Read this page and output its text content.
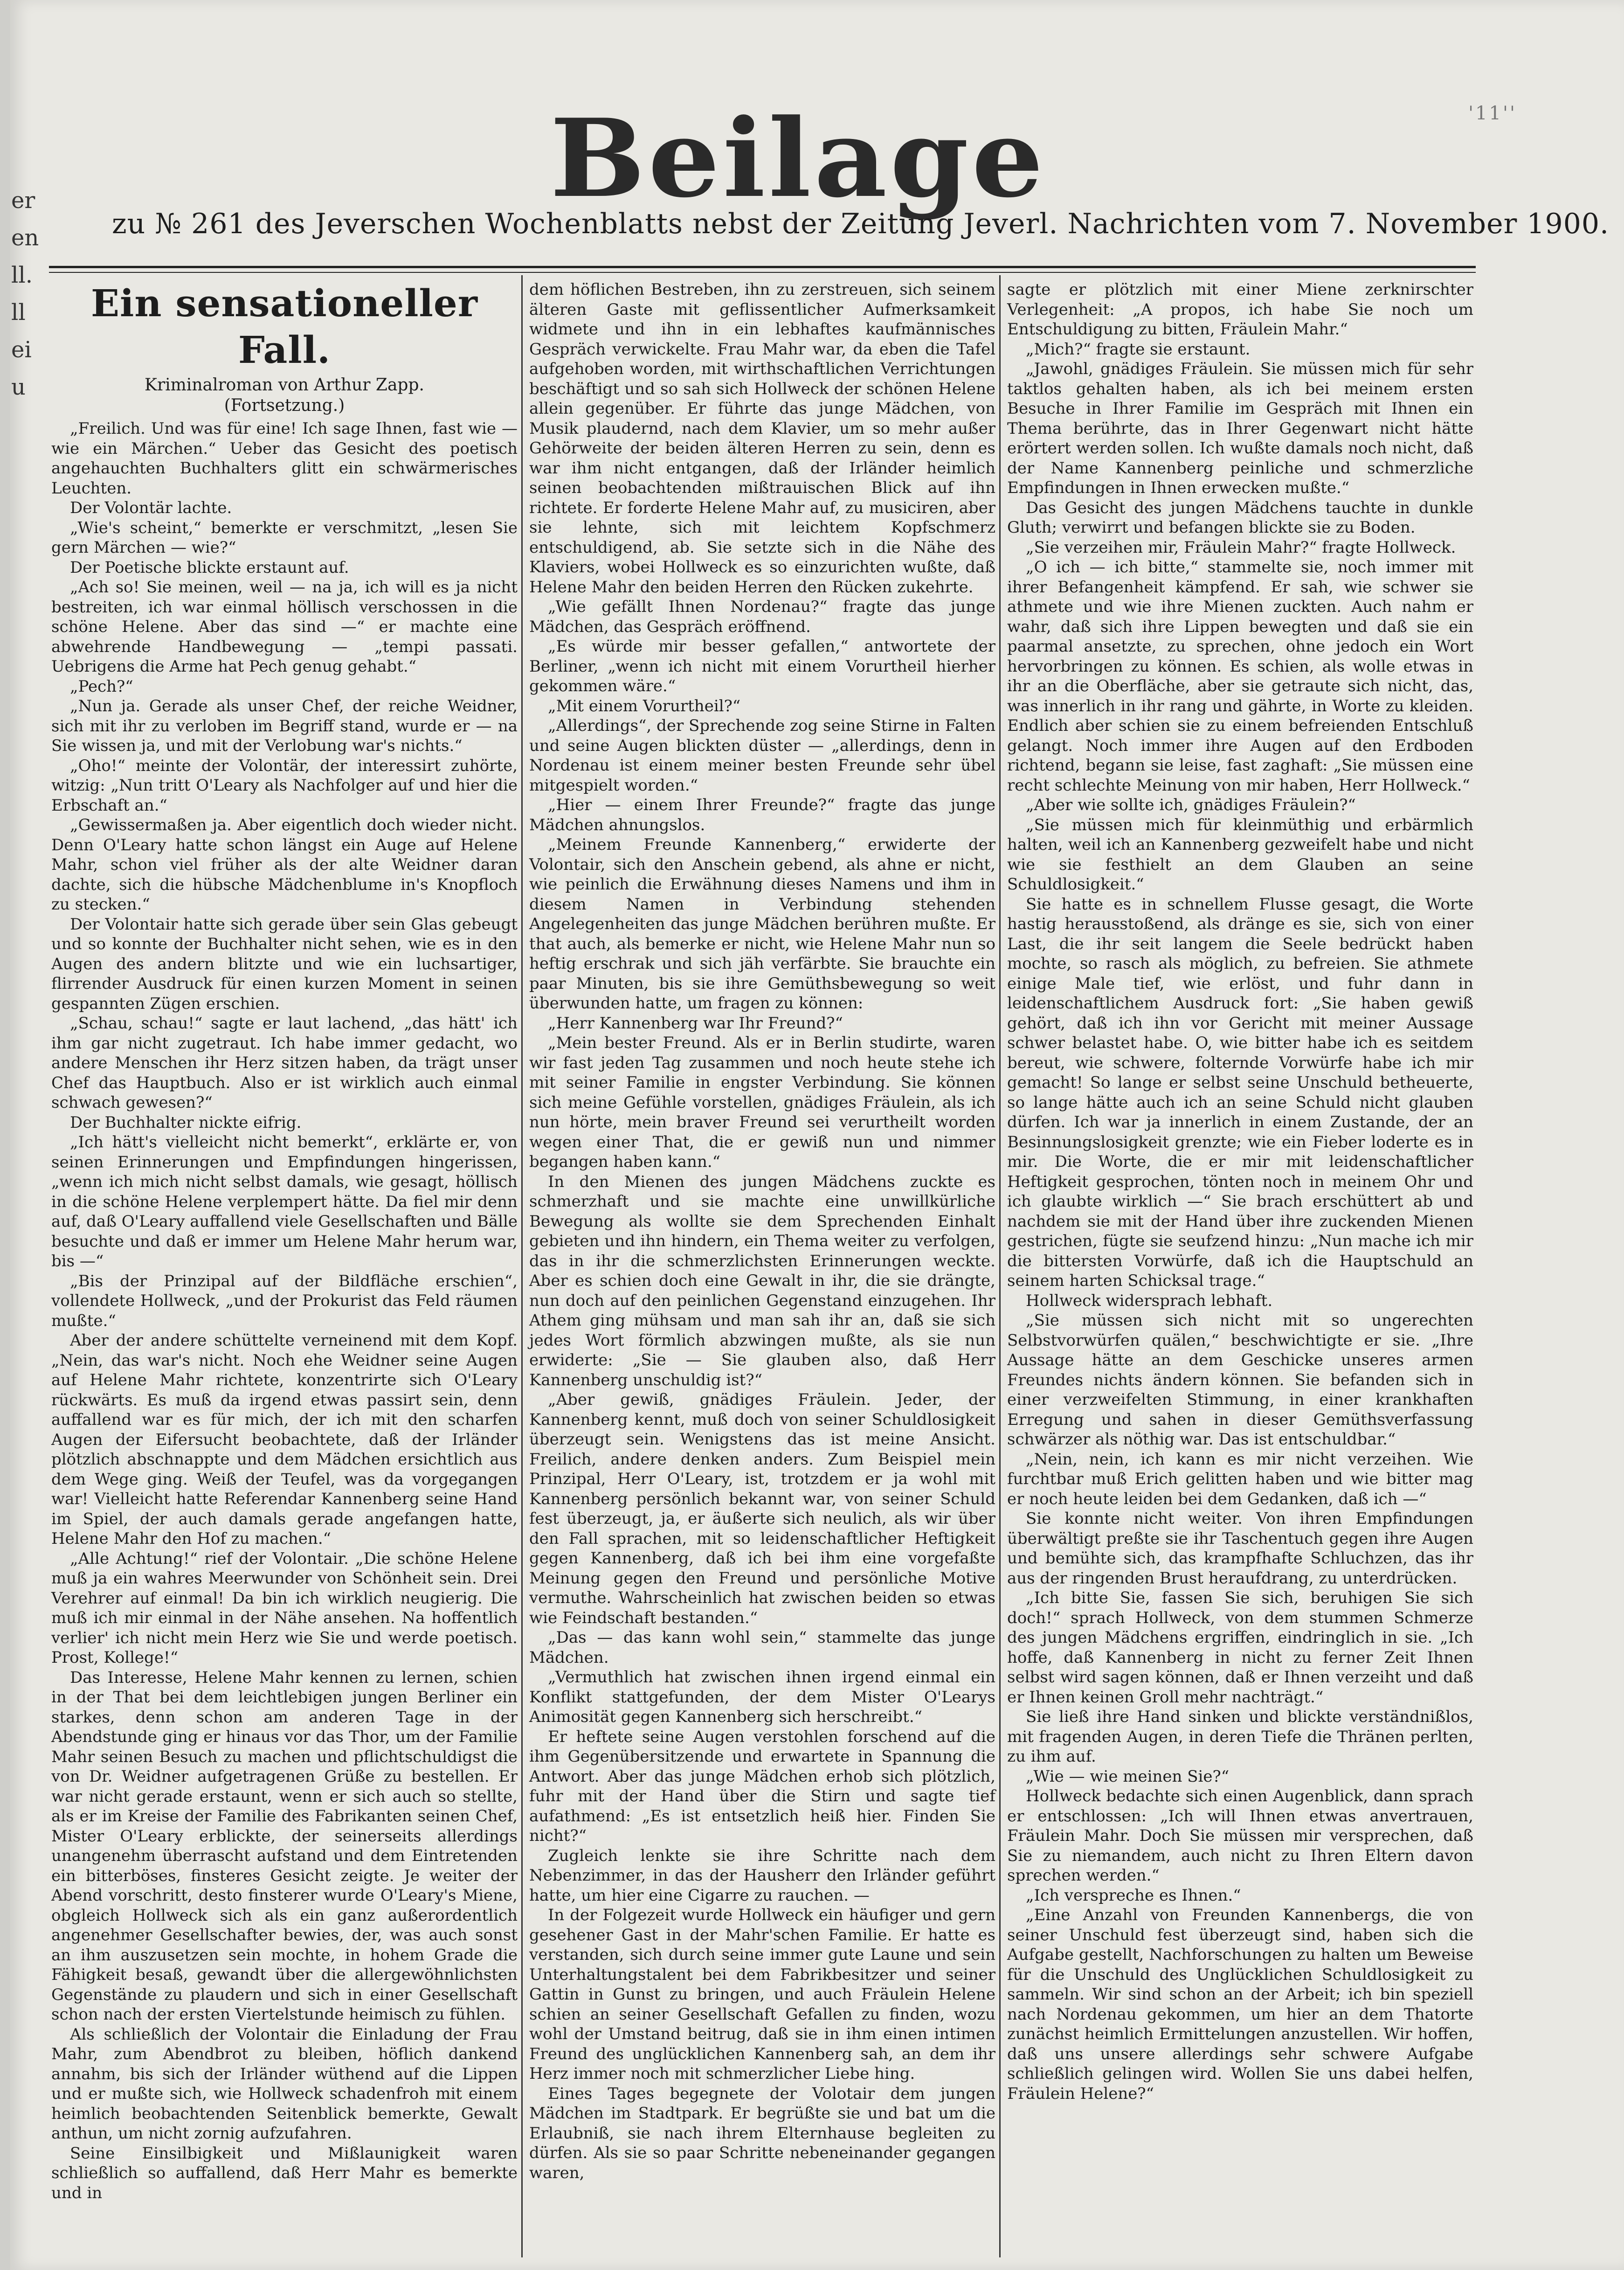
er
en
ll.
ll
ei
u
'11''
Beilage
zu № 261 des Jeverschen Wochenblatts nebst der Zeitung Jeverl. Nachrichten vom 7. November 1900.
Ein sensationeller Fall.
Kriminalroman von Arthur Zapp.
(Fortsetzung.)

„Freilich. Und was für eine! Ich sage Ihnen, fast wie — wie ein Märchen.“ Ueber das Gesicht des poetisch angehauchten Buchhalters glitt ein schwärmerisches Leuchten.

Der Volontär lachte.

„Wie's scheint,“ bemerkte er verschmitzt, „lesen Sie gern Märchen — wie?“

Der Poetische blickte erstaunt auf.

„Ach so! Sie meinen, weil — na ja, ich will es ja nicht bestreiten, ich war einmal höllisch verschossen in die schöne Helene. Aber das sind —“ er machte eine abwehrende Handbewegung — „tempi passati. Uebrigens die Arme hat Pech genug gehabt.“

„Pech?“

„Nun ja. Gerade als unser Chef, der reiche Weidner, sich mit ihr zu verloben im Begriff stand, wurde er — na Sie wissen ja, und mit der Verlobung war's nichts.“

„Oho!“ meinte der Volontär, der interessirt zuhörte, witzig: „Nun tritt O'Leary als Nachfolger auf und hier die Erbschaft an.“

„Gewissermaßen ja. Aber eigentlich doch wieder nicht. Denn O'Leary hatte schon längst ein Auge auf Helene Mahr, schon viel früher als der alte Weidner daran dachte, sich die hübsche Mädchenblume in's Knopfloch zu stecken.“

Der Volontair hatte sich gerade über sein Glas gebeugt und so konnte der Buchhalter nicht sehen, wie es in den Augen des andern blitzte und wie ein luchsartiger, flirrender Ausdruck für einen kurzen Moment in seinen gespannten Zügen erschien.

„Schau, schau!“ sagte er laut lachend, „das hätt' ich ihm gar nicht zugetraut. Ich habe immer gedacht, wo andere Menschen ihr Herz sitzen haben, da trägt unser Chef das Hauptbuch. Also er ist wirklich auch einmal schwach gewesen?“

Der Buchhalter nickte eifrig.

„Ich hätt's vielleicht nicht bemerkt“, erklärte er, von seinen Erinnerungen und Empfindungen hingerissen, „wenn ich mich nicht selbst damals, wie gesagt, höllisch in die schöne Helene verplempert hätte. Da fiel mir denn auf, daß O'Leary auffallend viele Gesellschaften und Bälle besuchte und daß er immer um Helene Mahr herum war, bis —“

„Bis der Prinzipal auf der Bildfläche erschien“, vollendete Hollweck, „und der Prokurist das Feld räumen mußte.“

Aber der andere schüttelte verneinend mit dem Kopf. „Nein, das war's nicht. Noch ehe Weidner seine Augen auf Helene Mahr richtete, konzentrirte sich O'Leary rückwärts. Es muß da irgend etwas passirt sein, denn auffallend war es für mich, der ich mit den scharfen Augen der Eifersucht beobachtete, daß der Irländer plötzlich abschnappte und dem Mädchen ersichtlich aus dem Wege ging. Weiß der Teufel, was da vorgegangen war! Vielleicht hatte Referendar Kannenberg seine Hand im Spiel, der auch damals gerade angefangen hatte, Helene Mahr den Hof zu machen.“

„Alle Achtung!“ rief der Volontair. „Die schöne Helene muß ja ein wahres Meerwunder von Schönheit sein. Drei Verehrer auf einmal! Da bin ich wirklich neugierig. Die muß ich mir einmal in der Nähe ansehen. Na hoffentlich verlier' ich nicht mein Herz wie Sie und werde poetisch. Prost, Kollege!“

Das Interesse, Helene Mahr kennen zu lernen, schien in der That bei dem leichtlebigen jungen Berliner ein starkes, denn schon am anderen Tage in der Abendstunde ging er hinaus vor das Thor, um der Familie Mahr seinen Besuch zu machen und pflichtschuldigst die von Dr. Weidner aufgetragenen Grüße zu bestellen. Er war nicht gerade erstaunt, wenn er sich auch so stellte, als er im Kreise der Familie des Fabrikanten seinen Chef, Mister O'Leary erblickte, der seinerseits allerdings unangenehm überrascht aufstand und dem Eintretenden ein bitterböses, finsteres Gesicht zeigte. Je weiter der Abend vorschritt, desto finsterer wurde O'Leary's Miene, obgleich Hollweck sich als ein ganz außerordentlich angenehmer Gesellschafter bewies, der, was auch sonst an ihm auszusetzen sein mochte, in hohem Grade die Fähigkeit besaß, gewandt über die allergewöhnlichsten Gegenstände zu plaudern und sich in einer Gesellschaft schon nach der ersten Viertelstunde heimisch zu fühlen.

Als schließlich der Volontair die Einladung der Frau Mahr, zum Abendbrot zu bleiben, höflich dankend annahm, bis sich der Irländer wüthend auf die Lippen und er mußte sich, wie Hollweck schadenfroh mit einem heimlich beobachtenden Seitenblick bemerkte, Gewalt anthun, um nicht zornig aufzufahren.

Seine Einsilbigkeit und Mißlaunigkeit waren schließlich so auffallend, daß Herr Mahr es bemerkte und in

dem höflichen Bestreben, ihn zu zerstreuen, sich seinem älteren Gaste mit geflissentlicher Aufmerksamkeit widmete und ihn in ein lebhaftes kaufmännisches Gespräch verwickelte. Frau Mahr war, da eben die Tafel aufgehoben worden, mit wirthschaftlichen Verrichtungen beschäftigt und so sah sich Hollweck der schönen Helene allein gegenüber. Er führte das junge Mädchen, von Musik plaudernd, nach dem Klavier, um so mehr außer Gehörweite der beiden älteren Herren zu sein, denn es war ihm nicht entgangen, daß der Irländer heimlich seinen beobachtenden mißtrauischen Blick auf ihn richtete. Er forderte Helene Mahr auf, zu musiciren, aber sie lehnte, sich mit leichtem Kopfschmerz entschuldigend, ab. Sie setzte sich in die Nähe des Klaviers, wobei Hollweck es so einzurichten wußte, daß Helene Mahr den beiden Herren den Rücken zukehrte.

„Wie gefällt Ihnen Nordenau?“ fragte das junge Mädchen, das Gespräch eröffnend.

„Es würde mir besser gefallen,“ antwortete der Berliner, „wenn ich nicht mit einem Vorurtheil hierher gekommen wäre.“

„Mit einem Vorurtheil?“

„Allerdings“, der Sprechende zog seine Stirne in Falten und seine Augen blickten düster — „allerdings, denn in Nordenau ist einem meiner besten Freunde sehr übel mitgespielt worden.“

„Hier — einem Ihrer Freunde?“ fragte das junge Mädchen ahnungslos.

„Meinem Freunde Kannenberg,“ erwiderte der Volontair, sich den Anschein gebend, als ahne er nicht, wie peinlich die Erwähnung dieses Namens und ihm in diesem Namen in Verbindung stehenden Angelegenheiten das junge Mädchen berühren mußte. Er that auch, als bemerke er nicht, wie Helene Mahr nun so heftig erschrak und sich jäh verfärbte. Sie brauchte ein paar Minuten, bis sie ihre Gemüthsbewegung so weit überwunden hatte, um fragen zu können:

„Herr Kannenberg war Ihr Freund?“

„Mein bester Freund. Als er in Berlin studirte, waren wir fast jeden Tag zusammen und noch heute stehe ich mit seiner Familie in engster Verbindung. Sie können sich meine Gefühle vorstellen, gnädiges Fräulein, als ich nun hörte, mein braver Freund sei verurtheilt worden wegen einer That, die er gewiß nun und nimmer begangen haben kann.“

In den Mienen des jungen Mädchens zuckte es schmerzhaft und sie machte eine unwillkürliche Bewegung als wollte sie dem Sprechenden Einhalt gebieten und ihn hindern, ein Thema weiter zu verfolgen, das in ihr die schmerzlichsten Erinnerungen weckte. Aber es schien doch eine Gewalt in ihr, die sie drängte, nun doch auf den peinlichen Gegenstand einzugehen. Ihr Athem ging mühsam und man sah ihr an, daß sie sich jedes Wort förmlich abzwingen mußte, als sie nun erwiderte: „Sie — Sie glauben also, daß Herr Kannenberg unschuldig ist?“

„Aber gewiß, gnädiges Fräulein. Jeder, der Kannenberg kennt, muß doch von seiner Schuldlosigkeit überzeugt sein. Wenigstens das ist meine Ansicht. Freilich, andere denken anders. Zum Beispiel mein Prinzipal, Herr O'Leary, ist, trotzdem er ja wohl mit Kannenberg persönlich bekannt war, von seiner Schuld fest überzeugt, ja, er äußerte sich neulich, als wir über den Fall sprachen, mit so leidenschaftlicher Heftigkeit gegen Kannenberg, daß ich bei ihm eine vorgefaßte Meinung gegen den Freund und persönliche Motive vermuthe. Wahrscheinlich hat zwischen beiden so etwas wie Feindschaft bestanden.“

„Das — das kann wohl sein,“ stammelte das junge Mädchen.

„Vermuthlich hat zwischen ihnen irgend einmal ein Konflikt stattgefunden, der dem Mister O'Learys Animosität gegen Kannenberg sich herschreibt.“

Er heftete seine Augen verstohlen forschend auf die ihm Gegenübersitzende und erwartete in Spannung die Antwort. Aber das junge Mädchen erhob sich plötzlich, fuhr mit der Hand über die Stirn und sagte tief aufathmend: „Es ist entsetzlich heiß hier. Finden Sie nicht?“

Zugleich lenkte sie ihre Schritte nach dem Nebenzimmer, in das der Hausherr den Irländer geführt hatte, um hier eine Cigarre zu rauchen. —

In der Folgezeit wurde Hollweck ein häufiger und gern gesehener Gast in der Mahr'schen Familie. Er hatte es verstanden, sich durch seine immer gute Laune und sein Unterhaltungstalent bei dem Fabrikbesitzer und seiner Gattin in Gunst zu bringen, und auch Fräulein Helene schien an seiner Gesellschaft Gefallen zu finden, wozu wohl der Umstand beitrug, daß sie in ihm einen intimen Freund des unglücklichen Kannenberg sah, an dem ihr Herz immer noch mit schmerzlicher Liebe hing.

Eines Tages begegnete der Volotair dem jungen Mädchen im Stadtpark. Er begrüßte sie und bat um die Erlaubniß, sie nach ihrem Elternhause begleiten zu dürfen. Als sie so paar Schritte nebeneinander gegangen waren,

sagte er plötzlich mit einer Miene zerknirschter Verlegenheit: „A propos, ich habe Sie noch um Entschuldigung zu bitten, Fräulein Mahr.“

„Mich?“ fragte sie erstaunt.

„Jawohl, gnädiges Fräulein. Sie müssen mich für sehr taktlos gehalten haben, als ich bei meinem ersten Besuche in Ihrer Familie im Gespräch mit Ihnen ein Thema berührte, das in Ihrer Gegenwart nicht hätte erörtert werden sollen. Ich wußte damals noch nicht, daß der Name Kannenberg peinliche und schmerzliche Empfindungen in Ihnen erwecken mußte.“

Das Gesicht des jungen Mädchens tauchte in dunkle Gluth; verwirrt und befangen blickte sie zu Boden.

„Sie verzeihen mir, Fräulein Mahr?“ fragte Hollweck.

„O ich — ich bitte,“ stammelte sie, noch immer mit ihrer Befangenheit kämpfend. Er sah, wie schwer sie athmete und wie ihre Mienen zuckten. Auch nahm er wahr, daß sich ihre Lippen bewegten und daß sie ein paarmal ansetzte, zu sprechen, ohne jedoch ein Wort hervorbringen zu können. Es schien, als wolle etwas in ihr an die Oberfläche, aber sie getraute sich nicht, das, was innerlich in ihr rang und gährte, in Worte zu kleiden. Endlich aber schien sie zu einem befreienden Entschluß gelangt. Noch immer ihre Augen auf den Erdboden richtend, begann sie leise, fast zaghaft: „Sie müssen eine recht schlechte Meinung von mir haben, Herr Hollweck.“

„Aber wie sollte ich, gnädiges Fräulein?“

„Sie müssen mich für kleinmüthig und erbärmlich halten, weil ich an Kannenberg gezweifelt habe und nicht wie sie festhielt an dem Glauben an seine Schuldlosigkeit.“

Sie hatte es in schnellem Flusse gesagt, die Worte hastig herausstoßend, als dränge es sie, sich von einer Last, die ihr seit langem die Seele bedrückt haben mochte, so rasch als möglich, zu befreien. Sie athmete einige Male tief, wie erlöst, und fuhr dann in leidenschaftlichem Ausdruck fort: „Sie haben gewiß gehört, daß ich ihn vor Gericht mit meiner Aussage schwer belastet habe. O, wie bitter habe ich es seitdem bereut, wie schwere, folternde Vorwürfe habe ich mir gemacht! So lange er selbst seine Unschuld betheuerte, so lange hätte auch ich an seine Schuld nicht glauben dürfen. Ich war ja innerlich in einem Zustande, der an Besinnungslosigkeit grenzte; wie ein Fieber loderte es in mir. Die Worte, die er mir mit leidenschaftlicher Heftigkeit gesprochen, tönten noch in meinem Ohr und ich glaubte wirklich —“ Sie brach erschüttert ab und nachdem sie mit der Hand über ihre zuckenden Mienen gestrichen, fügte sie seufzend hinzu: „Nun mache ich mir die bittersten Vorwürfe, daß ich die Hauptschuld an seinem harten Schicksal trage.“

Hollweck widersprach lebhaft.

„Sie müssen sich nicht mit so ungerechten Selbstvorwürfen quälen,“ beschwichtigte er sie. „Ihre Aussage hätte an dem Geschicke unseres armen Freundes nichts ändern können. Sie befanden sich in einer verzweifelten Stimmung, in einer krankhaften Erregung und sahen in dieser Gemüthsverfassung schwärzer als nöthig war. Das ist entschuldbar.“

„Nein, nein, ich kann es mir nicht verzeihen. Wie furchtbar muß Erich gelitten haben und wie bitter mag er noch heute leiden bei dem Gedanken, daß ich —“

Sie konnte nicht weiter. Von ihren Empfindungen überwältigt preßte sie ihr Taschentuch gegen ihre Augen und bemühte sich, das krampfhafte Schluchzen, das ihr aus der ringenden Brust heraufdrang, zu unterdrücken.

„Ich bitte Sie, fassen Sie sich, beruhigen Sie sich doch!“ sprach Hollweck, von dem stummen Schmerze des jungen Mädchens ergriffen, eindringlich in sie. „Ich hoffe, daß Kannenberg in nicht zu ferner Zeit Ihnen selbst wird sagen können, daß er Ihnen verzeiht und daß er Ihnen keinen Groll mehr nachträgt.“

Sie ließ ihre Hand sinken und blickte verständnißlos, mit fragenden Augen, in deren Tiefe die Thränen perlten, zu ihm auf.

„Wie — wie meinen Sie?“

Hollweck bedachte sich einen Augenblick, dann sprach er entschlossen: „Ich will Ihnen etwas anvertrauen, Fräulein Mahr. Doch Sie müssen mir versprechen, daß Sie zu niemandem, auch nicht zu Ihren Eltern davon sprechen werden.“

„Ich verspreche es Ihnen.“

„Eine Anzahl von Freunden Kannenbergs, die von seiner Unschuld fest überzeugt sind, haben sich die Aufgabe gestellt, Nachforschungen zu halten um Beweise für die Unschuld des Unglücklichen Schuldlosigkeit zu sammeln. Wir sind schon an der Arbeit; ich bin speziell nach Nordenau gekommen, um hier an dem Thatorte zunächst heimlich Ermittelungen anzustellen. Wir hoffen, daß uns unsere allerdings sehr schwere Aufgabe schließlich gelingen wird. Wollen Sie uns dabei helfen, Fräulein Helene?“
